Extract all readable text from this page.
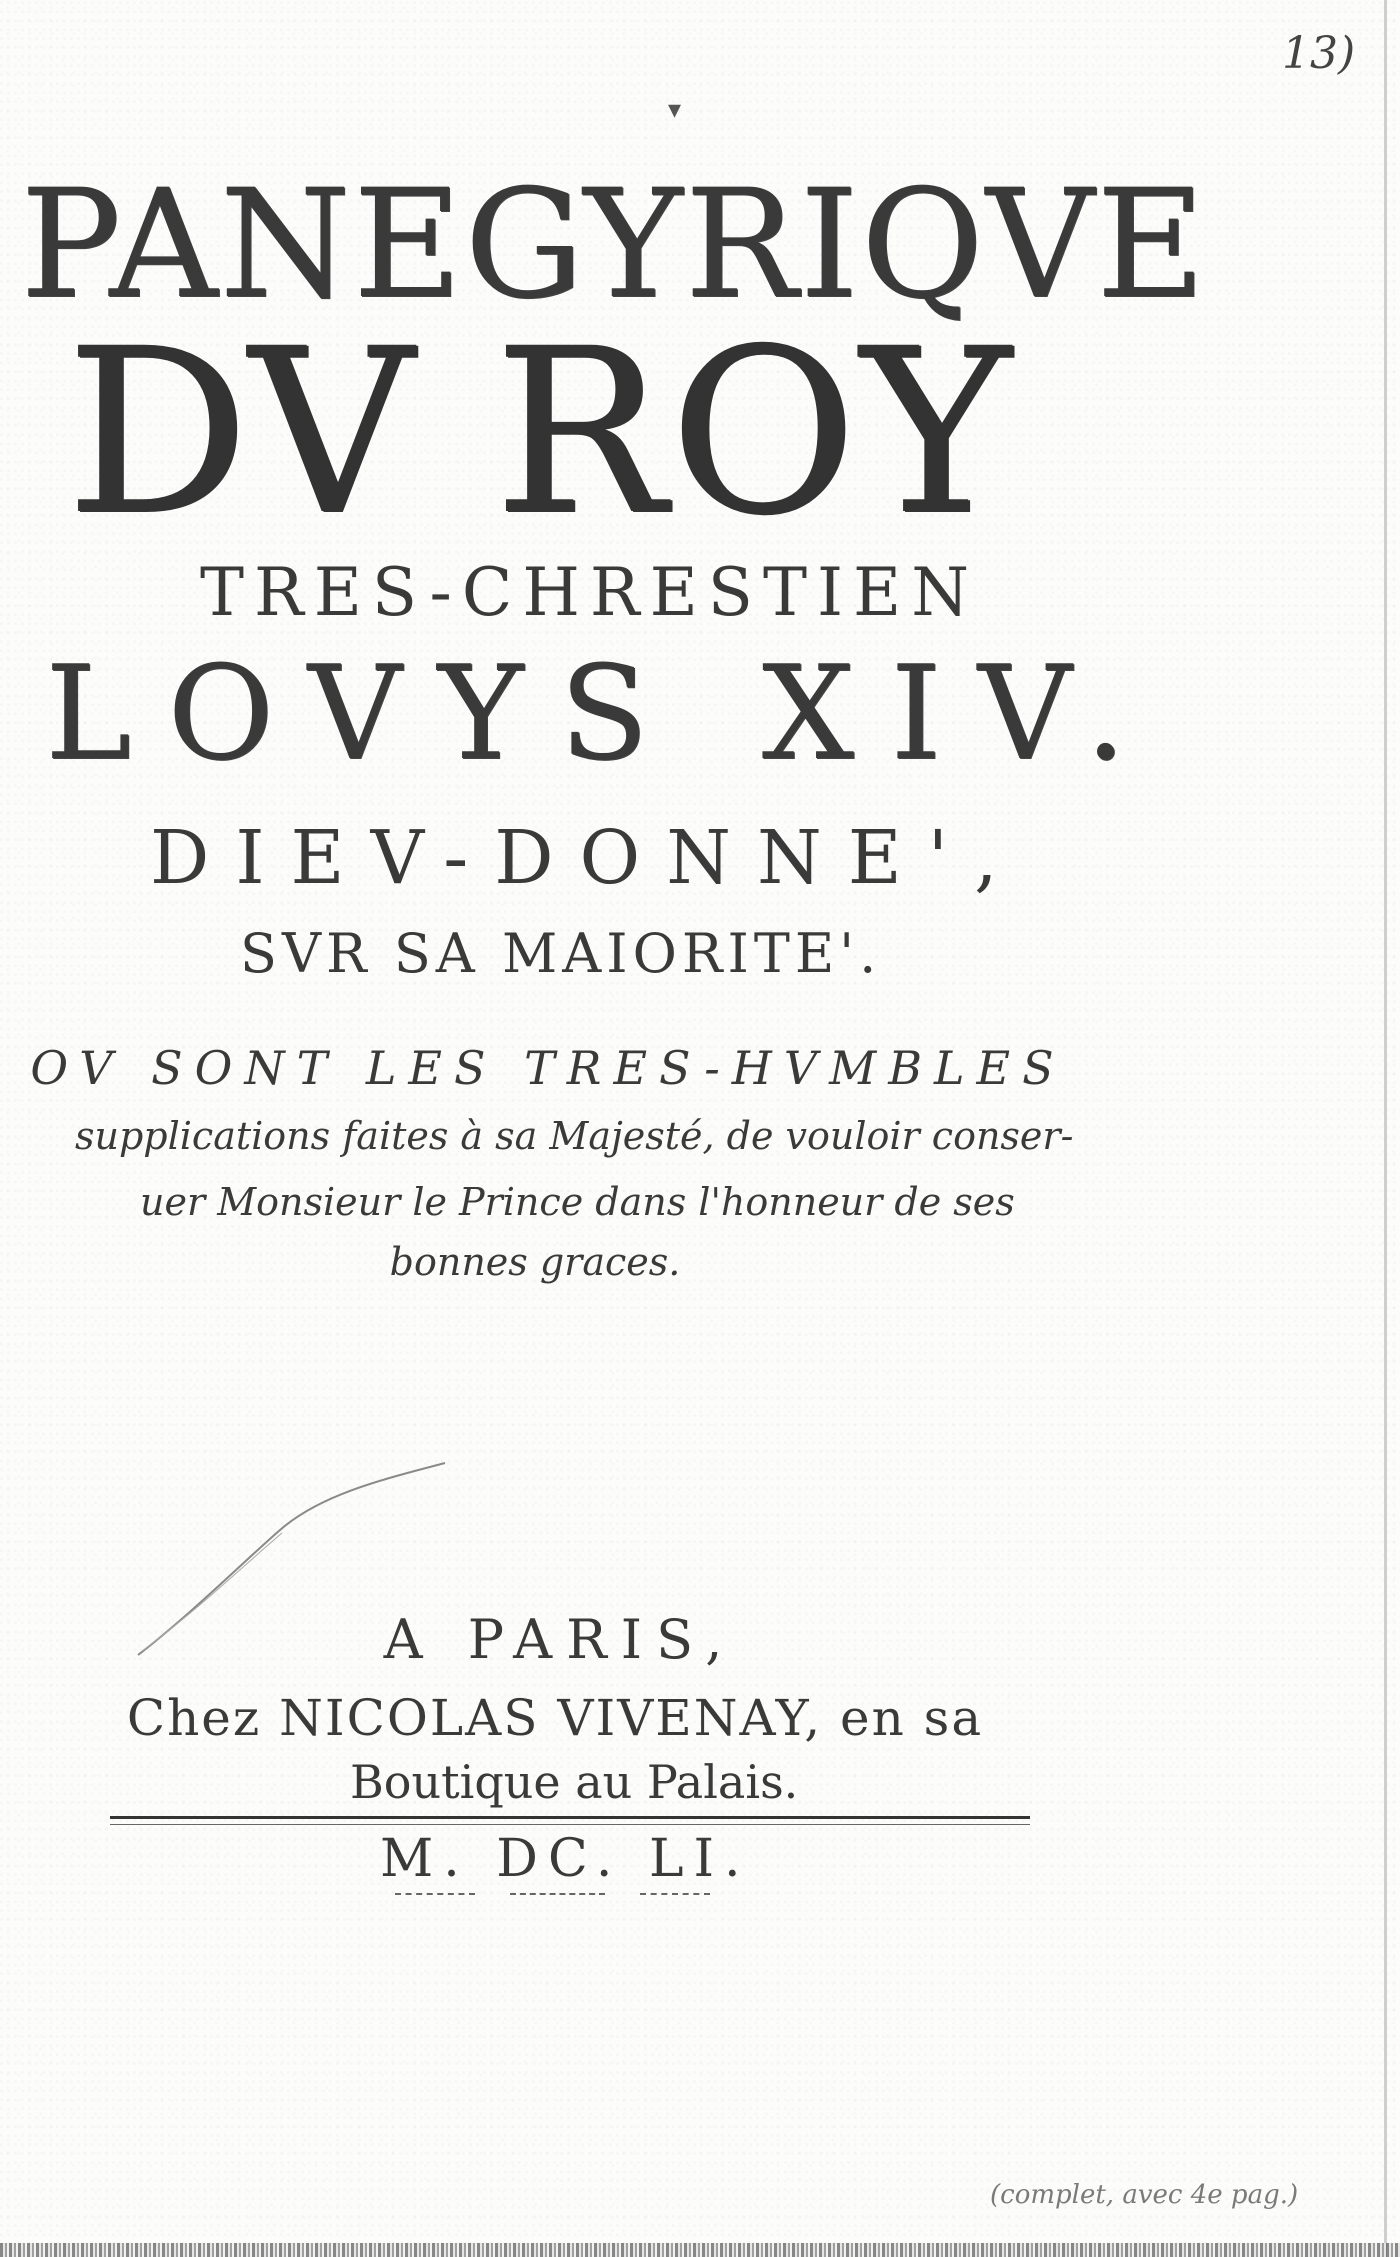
13)
▾
PANEGYRIQVE
DV ROY
TRES-CHRESTIEN
LOVYS XIV.
DIEV-DONNE',
SVR SA MAIORITE'.
OV SONT LES TRES-HVMBLES
supplications faites à sa Majesté, de vouloir conser-
uer Monsieur le Prince dans l'honneur de ses
bonnes graces.
A PARIS,
Chez NICOLAS VIVENAY, en sa
Boutique au Palais.
M. DC. LI.
(complet, avec 4e pag.)
